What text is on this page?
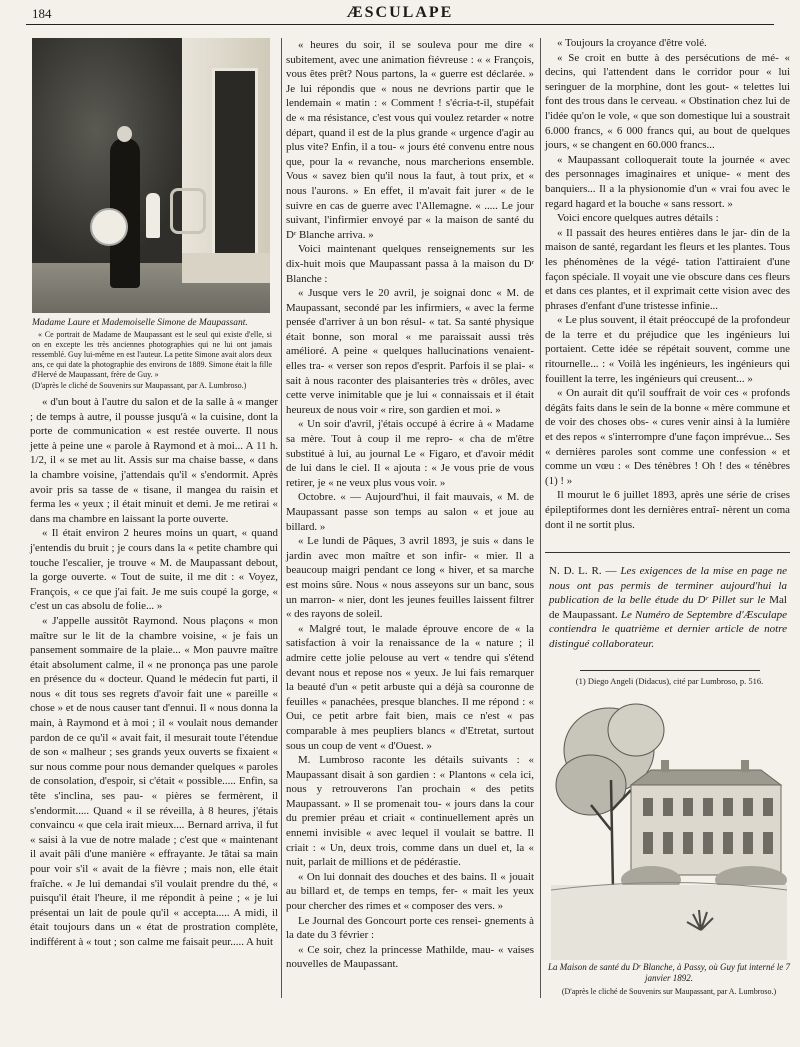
184	ÆSCULAPE
Madame Laure et Mademoiselle Simone de Maupassant.
« Ce portrait de Madame de Maupassant est le seul qui existe d'elle, si on en excepte les très anciennes photographies qui ne lui ont jamais ressemblé. Guy lui-même en est l'auteur. La petite Simone avait alors deux ans, ce qui date la photographie des environs de 1889. Simone était la fille d'Hervé de Maupassant, frère de Guy. »
(D'après le cliché de Souvenirs sur Maupassant, par A. Lumbroso.)

« d'un bout à l'autre du salon et de la salle à « manger ; de temps à autre, il pousse jusqu'à « la cuisine, dont la porte de communication « est restée ouverte. Il nous jette à peine une « parole à Raymond et à moi... A 11 h. 1/2, il « se met au lit. Assis sur ma chaise basse, « dans la chambre voisine, j'attendais qu'il « s'endormit. Après avoir pris sa tasse de « tisane, il mangea du raisin et ferma les « yeux ; il était minuit et demi. Je me retirai « dans ma chambre en laissant la porte ouverte.

« Il était environ 2 heures moins un quart, « quand j'entendis du bruit ; je cours dans la « petite chambre qui touche l'escalier, je trouve « M. de Maupassant debout, la gorge ouverte. « Tout de suite, il me dit : « Voyez, François, « ce que j'ai fait. Je me suis coupé la gorge, « c'est un cas absolu de folie... »

« J'appelle aussitôt Raymond. Nous plaçons « mon maître sur le lit de la chambre voisine, « je fais un pansement sommaire de la plaie... « Mon pauvre maître était absolument calme, il « ne prononça pas une parole en présence du « docteur. Quand le médecin fut parti, il nous « dit tous ses regrets d'avoir fait une « pareille « chose » et de nous causer tant d'ennui. Il « nous donna la main, à Raymond et à moi ; il « voulait nous demander pardon de ce qu'il « avait fait, il mesurait toute l'étendue de son « malheur ; ses grands yeux ouverts se fixaient « sur nous comme pour nous demander quelques « paroles de consolation, d'espoir, si c'était « possible..... Enfin, sa tête s'inclina, ses pau- « pières se fermèrent, il s'endormit..... Quand « il se réveilla, à 8 heures, j'étais convaincu « que cela irait mieux.... Bernard arriva, il fut « saisi à la vue de notre malade ; c'est que « maintenant il avait pâli d'une manière « effrayante. Je tâtai sa main pour voir s'il « avait de la fièvre ; mais non, elle était fraîche. « Je lui demandai s'il voulait prendre du thé, « puisqu'il était l'heure, il me répondit à peine ; « je lui présentai un lait de poule qu'il « accepta..... A midi, il était toujours dans un « état de prostration complète, indifférent à « tout ; son calme me faisait peur..... A huit

« heures du soir, il se souleva pour me dire « subitement, avec une animation fiévreuse : « « François, vous êtes prêt? Nous partons, la « guerre est déclarée. » Je lui répondis que « nous ne devrions partir que le lendemain « matin : « Comment ! s'écria-t-il, stupéfait de « ma résistance, c'est vous qui voulez retarder « notre départ, quand il est de la plus grande « urgence d'agir au plus vite? Enfin, il a tou- « jours été convenu entre nous que, pour la « revanche, nous marcherions ensemble. Vous « savez bien qu'il nous la faut, à tout prix, et « nous l'aurons. » En effet, il m'avait fait jurer « de le suivre en cas de guerre avec l'Allemagne. « ..... Le jour suivant, l'infirmier envoyé par « la maison de santé du Dʳ Blanche arriva. »

Voici maintenant quelques renseignements sur les dix-huit mois que Maupassant passa à la maison du Dʳ Blanche :

« Jusque vers le 20 avril, je soignai donc « M. de Maupassant, secondé par les infirmiers, « avec la ferme pensée d'arriver à un bon résul- « tat. Sa santé physique était bonne, son moral « me paraissait aussi très amélioré. A peine « quelques hallucinations venaient-elles tra- « verser son repos d'esprit. Parfois il se plai- « sait à nous raconter des plaisanteries très « drôles, avec cette verve inimitable que je lui « connaissais et il était heureux de nous voir « rire, son gardien et moi. »

« Un soir d'avril, j'étais occupé à écrire à « Madame sa mère. Tout à coup il me repro- « cha de m'être substitué à lui, au journal Le « Figaro, et d'avoir médit de lui dans le ciel. Il « ajouta : « Je vous prie de vous retirer, je « ne veux plus vous voir. »

Octobre. « — Aujourd'hui, il fait mauvais, « M. de Maupassant passe son temps au salon « et joue au billard. »

« Le lundi de Pâques, 3 avril 1893, je suis « dans le jardin avec mon maître et son infir- « mier. Il a beaucoup maigri pendant ce long « hiver, et sa marche est moins sûre. Nous « nous asseyons sur un banc, sous un marron- « nier, dont les jeunes feuilles laissent filtrer « des rayons de soleil.

« Malgré tout, le malade éprouve encore de « la satisfaction à voir la renaissance de la « nature ; il admire cette jolie pelouse au vert « tendre qui s'étend devant nous et repose nos « yeux. Je lui fais remarquer la beauté d'un « petit arbuste qui a déjà sa couronne de feuilles « panachées, presque blanches. Il me répond : « Oui, ce petit arbre fait bien, mais ce n'est « pas comparable à mes peupliers blancs « d'Etretat, surtout sous un coup de vent « d'Ouest. »

M. Lumbroso raconte les détails suivants : « Maupassant disait à son gardien : « Plantons « cela ici, nous y retrouverons l'an prochain « des petits Maupassant. » Il se promenait tou- « jours dans la cour du premier préau et criait « continuellement après un ennemi invisible « avec lequel il voulait se battre. Il criait : « Un, deux trois, comme dans un duel et, la « nuit, parlait de millions et de pédérastie.

« On lui donnait des douches et des bains. Il « jouait au billard et, de temps en temps, fer- « mait les yeux pour chercher des rimes et « composer des vers. »

Le Journal des Goncourt porte ces rensei- gnements à la date du 3 février :

« Ce soir, chez la princesse Mathilde, mau- « vaises nouvelles de Maupassant.

« Toujours la croyance d'être volé.

« Se croit en butte à des persécutions de mé- « decins, qui l'attendent dans le corridor pour « lui seringuer de la morphine, dont les gout- « telettes lui font des trous dans le cerveau. « Obstination chez lui de l'idée qu'on le vole, « que son domestique lui a soustrait 6.000 francs, « 6 000 francs qui, au bout de quelques jours, « se changent en 60.000 francs...

« Maupassant colloquerait toute la journée « avec des personnages imaginaires et unique- « ment des banquiers... Il a la physionomie d'un « vrai fou avec le regard hagard et la bouche « sans ressort. »

Voici encore quelques autres détails :

« Il passait des heures entières dans le jar- din de la maison de santé, regardant les fleurs et les plantes. Tous les phénomènes de la végé- tation l'attiraient d'une façon spéciale. Il voyait une vie obscure dans ces fleurs et dans ces plantes, et il exprimait cette vision avec des phrases d'enfant d'une tristesse infinie...

« Le plus souvent, il était préoccupé de la profondeur de la terre et du préjudice que les ingénieurs lui portaient. Cette idée se répétait souvent, comme une ritournelle... : « Voilà les ingénieurs, les ingénieurs qui fouillent la terre, les ingénieurs qui creusent... »

« On aurait dit qu'il souffrait de voir ces « profonds dégâts faits dans le sein de la bonne « mère commune et de voir des choses obs- « cures venir ainsi à la lumière et des repos « s'interrompre d'une façon imprévue... Ses « dernières paroles sont comme une confession « et comme un vœu : « Des ténèbres ! Oh ! des « ténèbres (1) ! »

Il mourut le 6 juillet 1893, après une série de crises épileptiformes dont les dernières entraî- nèrent un coma dont il ne sortit plus.

N. D. L. R. — Les exigences de la mise en page ne nous ont pas permis de terminer aujourd'hui la publication de la belle étude du Dʳ Pillet sur le Mal de Maupassant. Le Numéro de Septembre d'Æsculape contiendra le quatrième et dernier article de notre distingué collaborateur.
(1) Diego Angeli (Didacus), cité par Lumbroso, p. 516.
La Maison de santé du Dʳ Blanche, à Passy, où Guy fut interné le 7 janvier 1892.
(D'après le cliché de Souvenirs sur Maupassant, par A. Lumbroso.)
